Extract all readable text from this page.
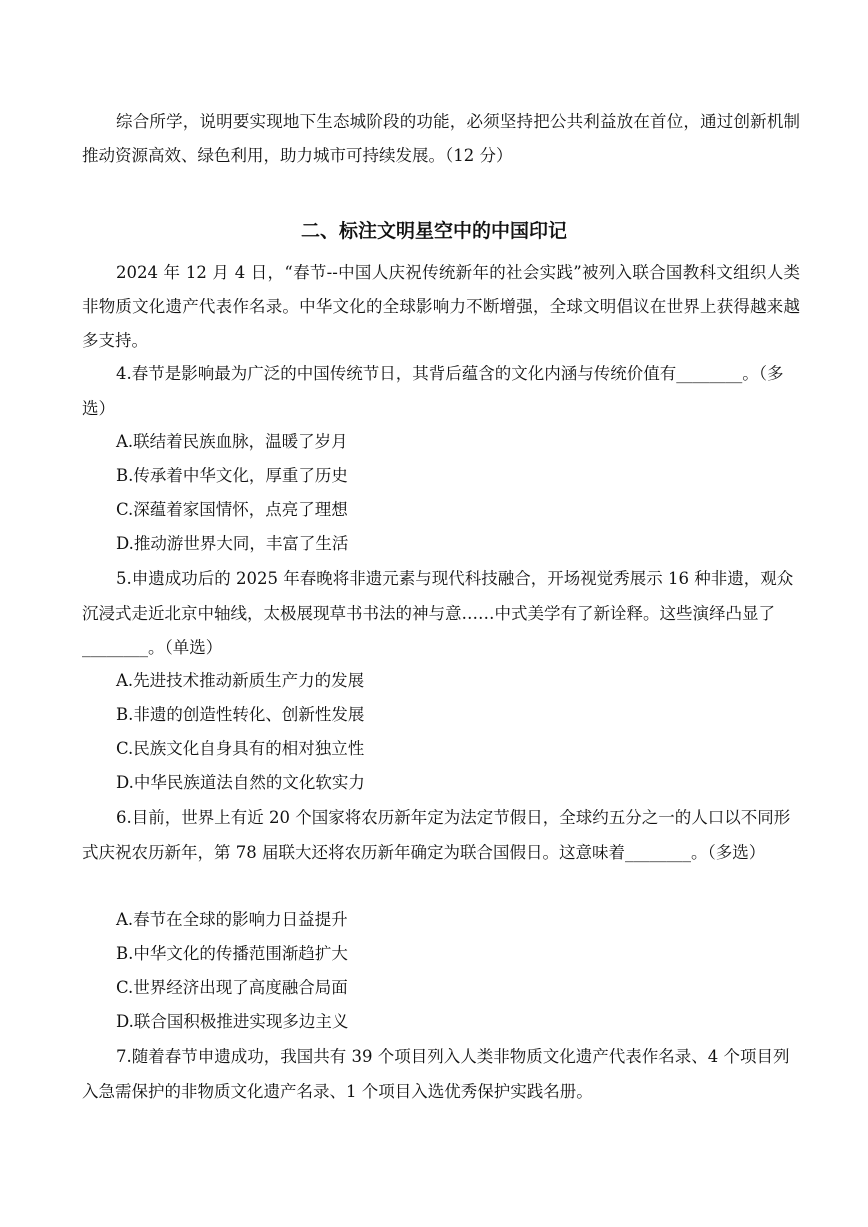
综合所学，说明要实现地下生态城阶段的功能，必须坚持把公共利益放在首位，通过创新机制推动资源高效、绿色利用，助力城市可持续发展。（12 分）

二、标注文明星空中的中国印记

2024 年 12 月 4 日，“春节--中国人庆祝传统新年的社会实践”被列入联合国教科文组织人类非物质文化遗产代表作名录。中华文化的全球影响力不断增强，全球文明倡议在世界上获得越来越多支持。

4.春节是影响最为广泛的中国传统节日，其背后蕴含的文化内涵与传统价值有________。（多选）

A.联结着民族血脉，温暖了岁月

B.传承着中华文化，厚重了历史

C.深蕴着家国情怀，点亮了理想

D.推动游世界大同，丰富了生活

5.申遗成功后的 2025 年春晚将非遗元素与现代科技融合，开场视觉秀展示 16 种非遗，观众沉浸式走近北京中轴线，太极展现草书书法的神与意……中式美学有了新诠释。这些演绎凸显了________。（单选）

A.先进技术推动新质生产力的发展

B.非遗的创造性转化、创新性发展

C.民族文化自身具有的相对独立性

D.中华民族道法自然的文化软实力

6.目前，世界上有近 20 个国家将农历新年定为法定节假日，全球约五分之一的人口以不同形式庆祝农历新年，第 78 届联大还将农历新年确定为联合国假日。这意味着________。（多选）

A.春节在全球的影响力日益提升

B.中华文化的传播范围渐趋扩大

C.世界经济出现了高度融合局面

D.联合国积极推进实现多边主义

7.随着春节申遗成功，我国共有 39 个项目列入人类非物质文化遗产代表作名录、4 个项目列入急需保护的非物质文化遗产名录、1 个项目入选优秀保护实践名册。
